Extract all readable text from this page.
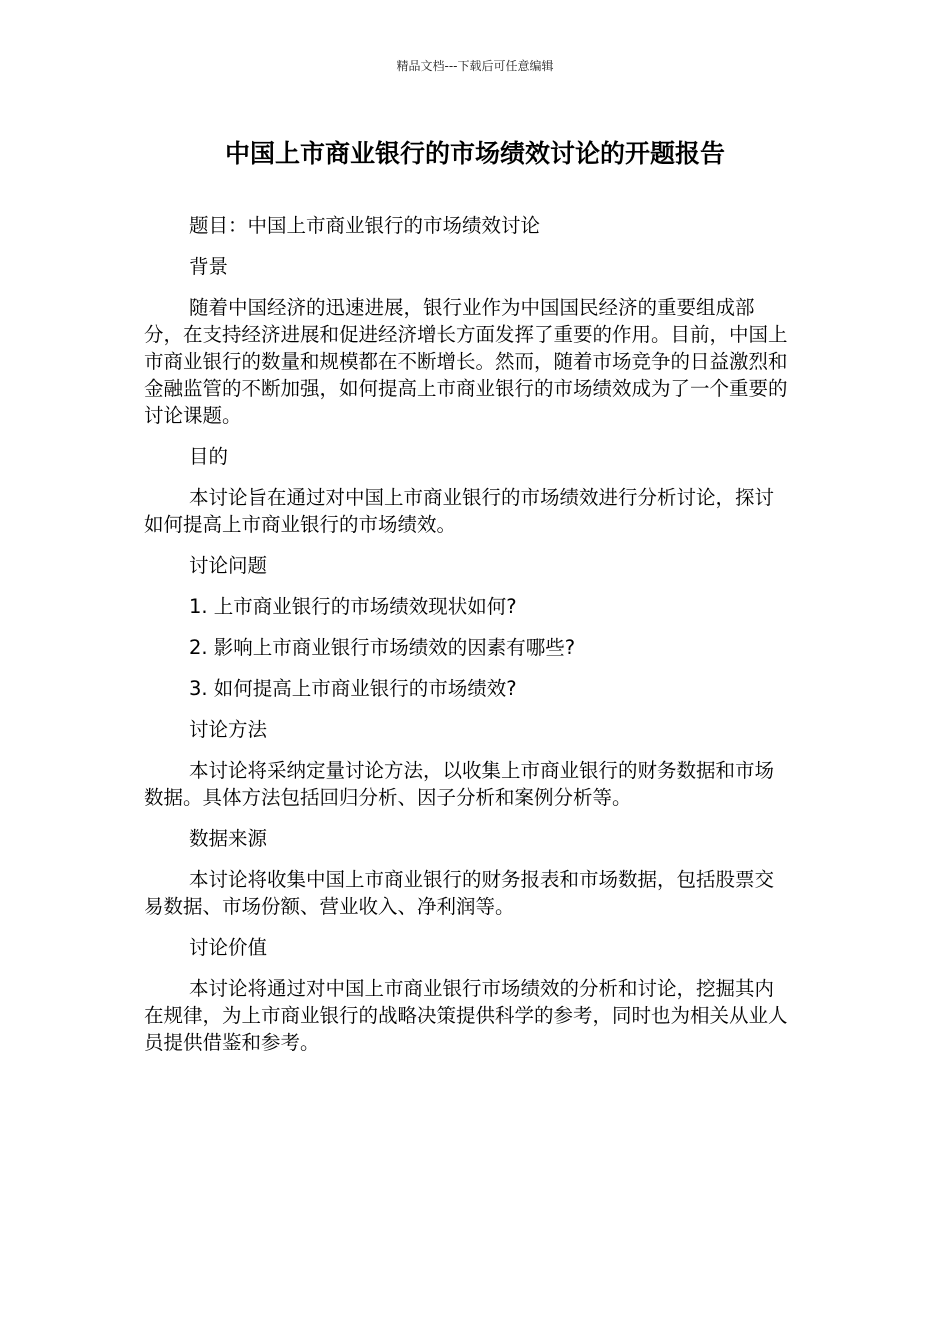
精品文档---下载后可任意编辑
中国上市商业银行的市场绩效讨论的开题报告

题目：中国上市商业银行的市场绩效讨论

背景

随着中国经济的迅速进展，银行业作为中国国民经济的重要组成部分，在支持经济进展和促进经济增长方面发挥了重要的作用。目前，中国上市商业银行的数量和规模都在不断增长。然而，随着市场竞争的日益激烈和金融监管的不断加强，如何提高上市商业银行的市场绩效成为了一个重要的讨论课题。

目的

本讨论旨在通过对中国上市商业银行的市场绩效进行分析讨论，探讨如何提高上市商业银行的市场绩效。

讨论问题

1. 上市商业银行的市场绩效现状如何?

2. 影响上市商业银行市场绩效的因素有哪些?

3. 如何提高上市商业银行的市场绩效?

讨论方法

本讨论将采纳定量讨论方法，以收集上市商业银行的财务数据和市场数据。具体方法包括回归分析、因子分析和案例分析等。

数据来源

本讨论将收集中国上市商业银行的财务报表和市场数据，包括股票交易数据、市场份额、营业收入、净利润等。

讨论价值

本讨论将通过对中国上市商业银行市场绩效的分析和讨论，挖掘其内在规律，为上市商业银行的战略决策提供科学的参考，同时也为相关从业人员提供借鉴和参考。
